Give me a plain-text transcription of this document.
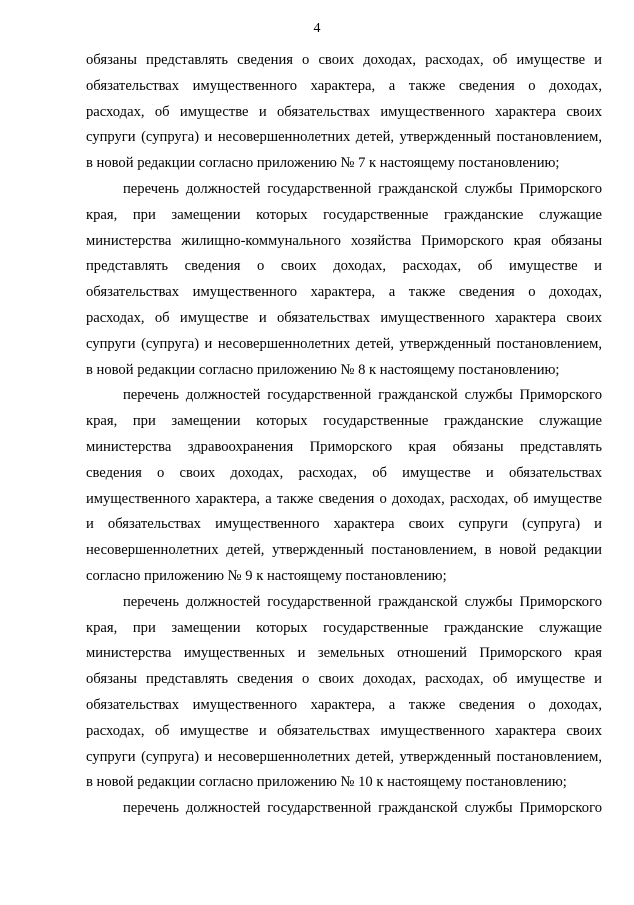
4
обязаны представлять сведения о своих доходах, расходах, об имуществе и
обязательствах имущественного характера, а также сведения о доходах,
расходах, об имуществе и обязательствах имущественного характера своих
супруги (супруга) и несовершеннолетних детей, утвержденный постановлением,
в новой редакции согласно приложению № 7 к настоящему постановлению;
перечень должностей государственной гражданской службы Приморского
края, при замещении которых государственные гражданские служащие
министерства жилищно-коммунального хозяйства Приморского края обязаны
представлять сведения о своих доходах, расходах, об имуществе и
обязательствах имущественного характера, а также сведения о доходах,
расходах, об имуществе и обязательствах имущественного характера своих
супруги (супруга) и несовершеннолетних детей, утвержденный постановлением,
в новой редакции согласно приложению № 8 к настоящему постановлению;
перечень должностей государственной гражданской службы Приморского
края, при замещении которых государственные гражданские служащие
министерства здравоохранения Приморского края обязаны представлять
сведения о своих доходах, расходах, об имуществе и обязательствах
имущественного характера, а также сведения о доходах, расходах, об имуществе
и обязательствах имущественного характера своих супруги (супруга) и
несовершеннолетних детей, утвержденный постановлением, в новой редакции
согласно приложению № 9 к настоящему постановлению;
перечень должностей государственной гражданской службы Приморского
края, при замещении которых государственные гражданские служащие
министерства имущественных и земельных отношений Приморского края
обязаны представлять сведения о своих доходах, расходах, об имуществе и
обязательствах имущественного характера, а также сведения о доходах,
расходах, об имуществе и обязательствах имущественного характера своих
супруги (супруга) и несовершеннолетних детей, утвержденный постановлением,
в новой редакции согласно приложению № 10 к настоящему постановлению;
перечень должностей государственной гражданской службы Приморского
